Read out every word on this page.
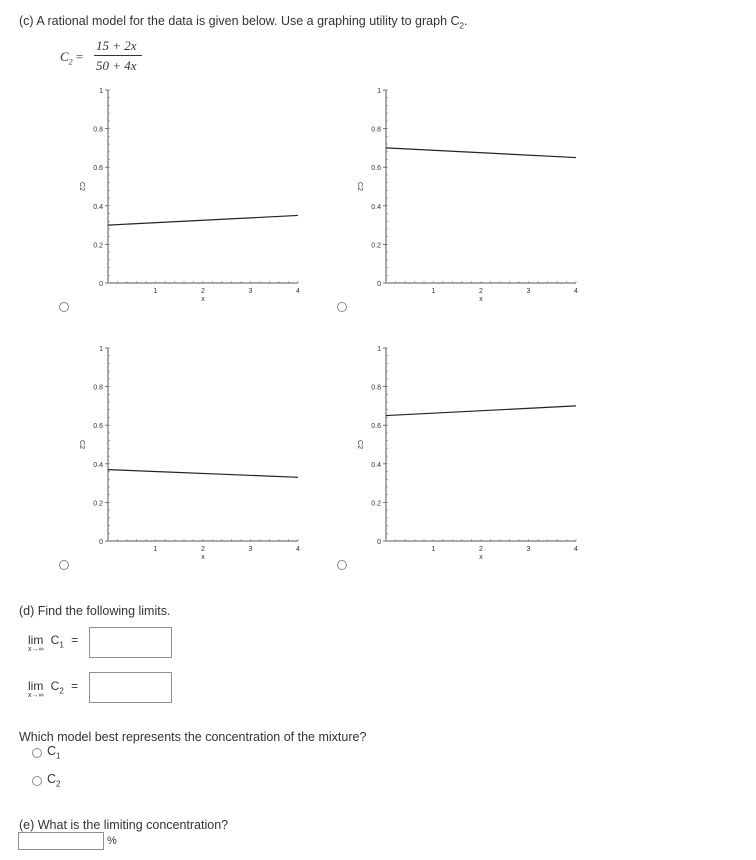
(c) A rational model for the data is given below. Use a graphing utility to graph $C_2$.
$C_2$ =
15 + 2x
50 + 4x
0
0.2
0.4
0.6
0.8
1
1	2	3	4
x
C2
0
0.2
0.4
0.6
0.8
1
1	2	3	4
x
C2
0
0.2
0.4
0.6
0.8
1
1	2	3	4
x
C2
0
0.2
0.4
0.6
0.8
1
1	2	3	4
x
C2
(d) Find the following limits.
$\lim C_1$ =
x→∞
$\lim C_2$ =
x→∞
Which model best represents the concentration of the mixture?
$C_1$
$C_2$
(e) What is the limiting concentration?
%
